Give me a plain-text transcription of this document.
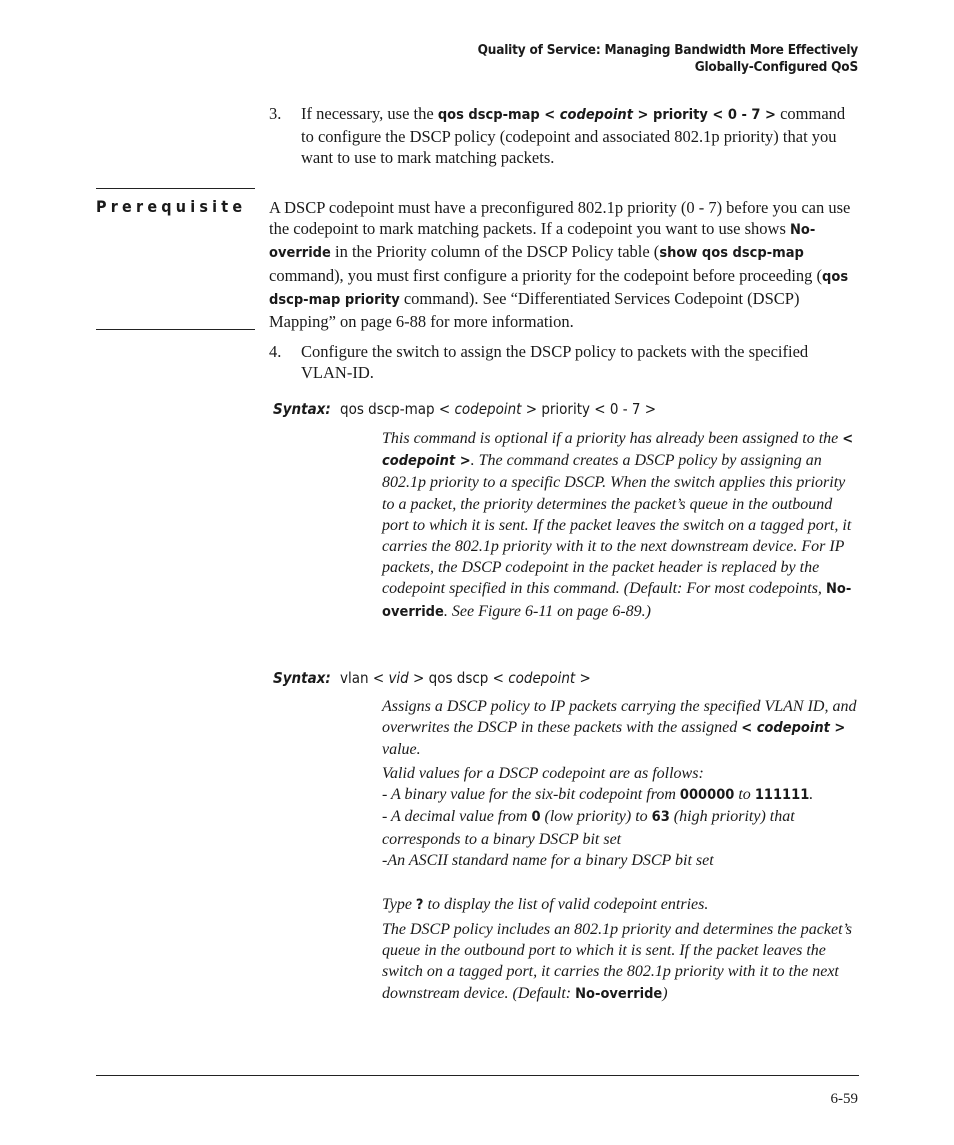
Quality of Service: Managing Bandwidth More Effectively
Globally-Configured QoS
3. If necessary, use the qos dscp-map < codepoint > priority < 0 - 7 > command to configure the DSCP policy (codepoint and associated 802.1p priority) that you want to use to mark matching packets.
Prerequisite A DSCP codepoint must have a preconfigured 802.1p priority (0 - 7) before you can use the codepoint to mark matching packets. If a codepoint you want to use shows No-override in the Priority column of the DSCP Policy table (show qos dscp-map command), you must first configure a priority for the codepoint before proceeding (qos dscp-map priority command). See “Differentiated Services Codepoint (DSCP) Mapping” on page 6-88 for more information.
4. Configure the switch to assign the DSCP policy to packets with the specified VLAN-ID.
Syntax: qos dscp-map < codepoint > priority < 0 - 7 >
This command is optional if a priority has already been assigned to the < codepoint >. The command creates a DSCP policy by assigning an 802.1p priority to a specific DSCP. When the switch applies this priority to a packet, the priority determines the packet’s queue in the outbound port to which it is sent. If the packet leaves the switch on a tagged port, it carries the 802.1p priority with it to the next downstream device. For IP packets, the DSCP codepoint in the packet header is replaced by the codepoint specified in this command. (Default: For most codepoints, No-override. See Figure 6-11 on page 6-89.)
Syntax: vlan < vid > qos dscp < codepoint >
Assigns a DSCP policy to IP packets carrying the specified VLAN ID, and overwrites the DSCP in these packets with the assigned < codepoint > value.
Valid values for a DSCP codepoint are as follows:
- A binary value for the six-bit codepoint from 000000 to 111111.
- A decimal value from 0 (low priority) to 63 (high priority) that corresponds to a binary DSCP bit set
-An ASCII standard name for a binary DSCP bit set
Type ? to display the list of valid codepoint entries.
The DSCP policy includes an 802.1p priority and determines the packet’s queue in the outbound port to which it is sent. If the packet leaves the switch on a tagged port, it carries the 802.1p priority with it to the next downstream device. (Default: No-override)
6-59
